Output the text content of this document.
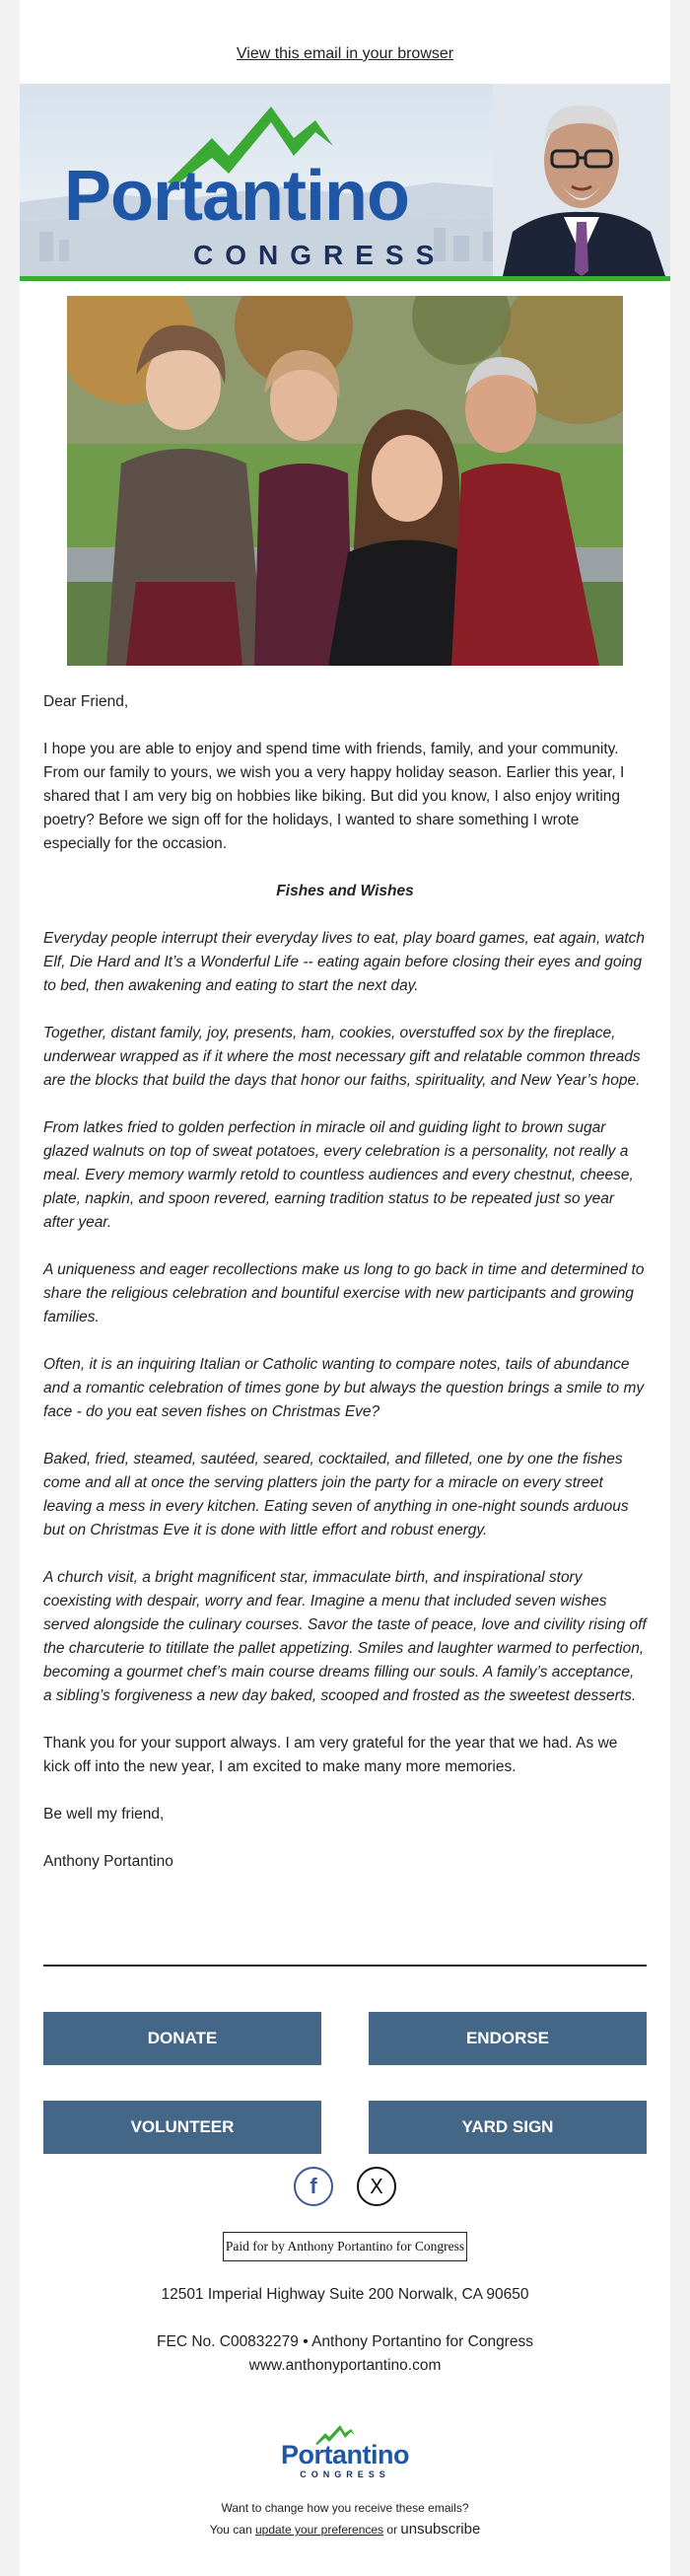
View this email in your browser
Portantino
CONGRESS

Dear Friend,

I hope you are able to enjoy and spend time with friends, family, and your community. From our family to yours, we wish you a very happy holiday season. Earlier this year, I shared that I am very big on hobbies like biking. But did you know, I also enjoy writing poetry? Before we sign off for the holidays, I wanted to share something I wrote especially for the occasion.

Fishes and Wishes

Everyday people interrupt their everyday lives to eat, play board games, eat again, watch Elf, Die Hard and It’s a Wonderful Life -- eating again before closing their eyes and going to bed, then awakening and eating to start the next day.

Together, distant family, joy, presents, ham, cookies, overstuffed sox by the fireplace, underwear wrapped as if it where the most necessary gift and relatable common threads are the blocks that build the days that honor our faiths, spirituality, and New Year’s hope.

From latkes fried to golden perfection in miracle oil and guiding light to brown sugar glazed walnuts on top of sweat potatoes, every celebration is a personality, not really a meal. Every memory warmly retold to countless audiences and every chestnut, cheese, plate, napkin, and spoon revered, earning tradition status to be repeated just so year after year.

A uniqueness and eager recollections make us long to go back in time and determined to share the religious celebration and bountiful exercise with new participants and growing families.

Often, it is an inquiring Italian or Catholic wanting to compare notes, tails of abundance and a romantic celebration of times gone by but always the question brings a smile to my face - do you eat seven fishes on Christmas Eve?

Baked, fried, steamed, sautéed, seared, cocktailed, and filleted, one by one the fishes come and all at once the serving platters join the party for a miracle on every street leaving a mess in every kitchen. Eating seven of anything in one-night sounds arduous but on Christmas Eve it is done with little effort and robust energy.

A church visit, a bright magnificent star, immaculate birth, and inspirational story coexisting with despair, worry and fear. Imagine a menu that included seven wishes served alongside the culinary courses. Savor the taste of peace, love and civility rising off the charcuterie to titillate the pallet appetizing. Smiles and laughter warmed to perfection, becoming a gourmet chef’s main course dreams filling our souls. A family’s acceptance, a sibling’s forgiveness a new day baked, scooped and frosted as the sweetest desserts.

Thank you for your support always. I am very grateful for the year that we had. As we kick off into the new year, I am excited to make many more memories.

Be well my friend,

Anthony Portantino

DONATE	ENDORSE
VOLUNTEER	YARD SIGN
f	X
Paid for by Anthony Portantino for Congress
12501 Imperial Highway Suite 200 Norwalk, CA 90650
FEC No. C00832279 • Anthony Portantino for Congress
www.anthonyportantino.com
Portantino
CONGRESS
Want to change how you receive these emails?
You can update your preferences or unsubscribe
